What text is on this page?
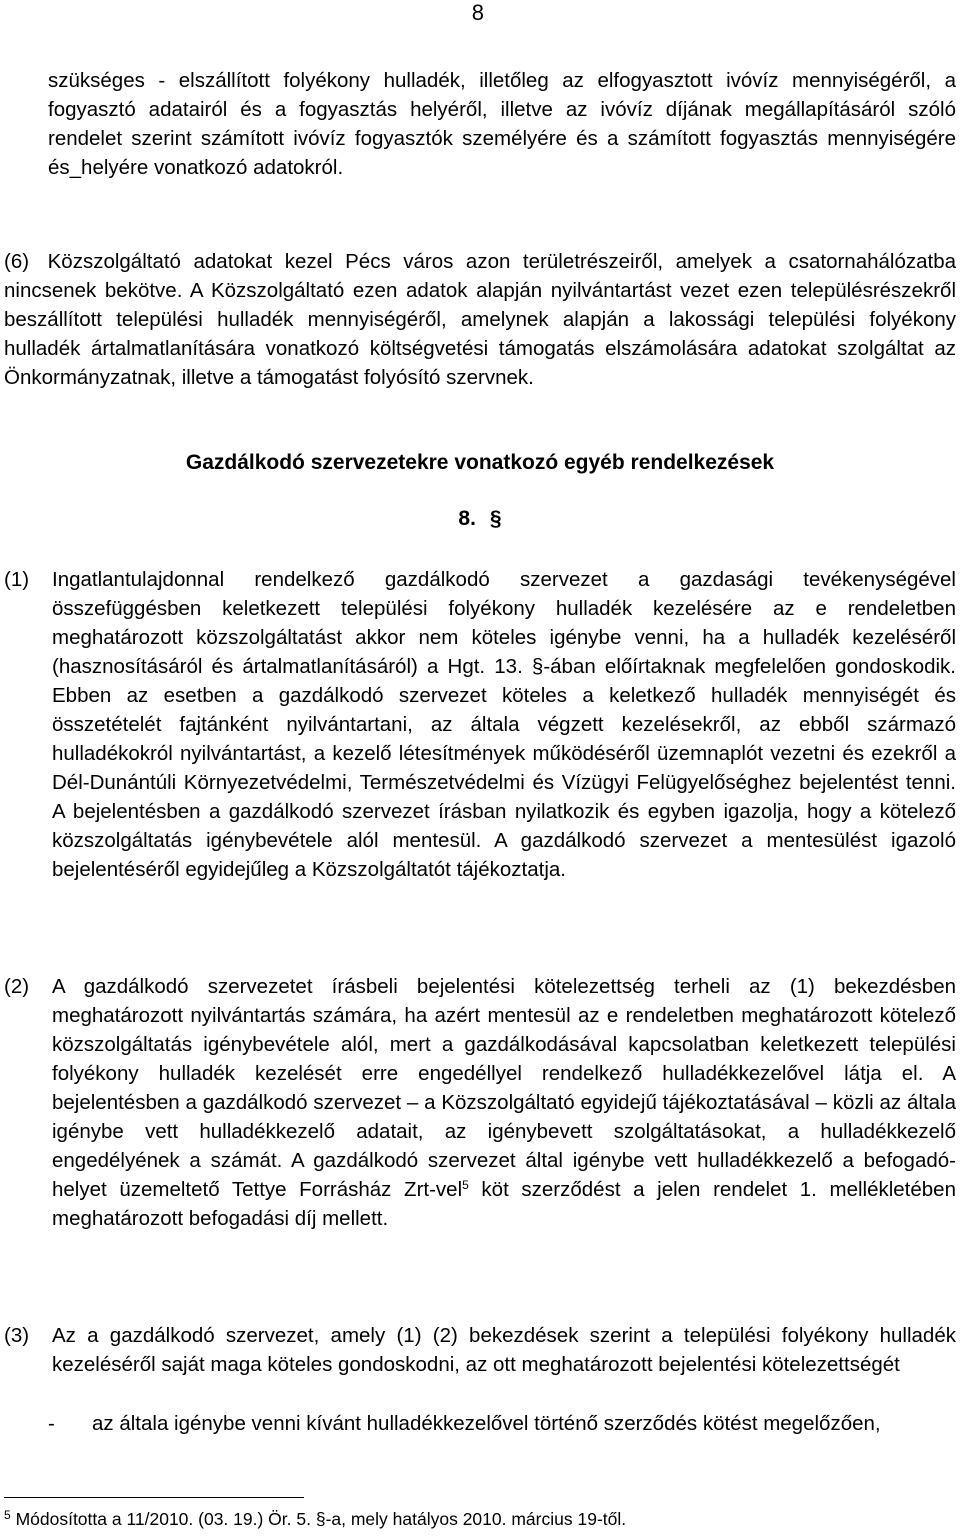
8
szükséges - elszállított folyékony hulladék, illetőleg az elfogyasztott ivóvíz mennyiségéről, a fogyasztó adatairól és a fogyasztás helyéről, illetve az ivóvíz díjának megállapításáról szóló rendelet szerint számított ivóvíz fogyasztók személyére és a számított fogyasztás mennyiségére és_helyére vonatkozó adatokról.
(6) Közszolgáltató adatokat kezel Pécs város azon területrészeiről, amelyek a csatornahálózatba nincsenek bekötve. A Közszolgáltató ezen adatok alapján nyilvántartást vezet ezen településrészekről beszállított települési hulladék mennyiségéről, amelynek alapján a lakossági települési folyékony hulladék ártalmatlanítására vonatkozó költségvetési támogatás elszámolására adatokat szolgáltat az Önkormányzatnak, illetve a támogatást folyósító szervnek.
Gazdálkodó szervezetekre vonatkozó egyéb rendelkezések
8. §
(1)	Ingatlantulajdonnal rendelkező gazdálkodó szervezet a gazdasági tevékenységével összefüggésben keletkezett települési folyékony hulladék kezelésére az e rendeletben meghatározott közszolgáltatást akkor nem köteles igénybe venni, ha a hulladék kezeléséről (hasznosításáról és ártalmatlanításáról) a Hgt. 13. §-ában előírtaknak megfelelően gondoskodik. Ebben az esetben a gazdálkodó szervezet köteles a keletkező hulladék mennyiségét és összetételét fajtánként nyilvántartani, az általa végzett kezelésekről, az ebből származó hulladékokról nyilvántartást, a kezelő létesítmények működéséről üzemnaplót vezetni és ezekről a Dél-Dunántúli Környezetvédelmi, Természetvédelmi és Vízügyi Felügyelőséghez bejelentést tenni. A bejelentésben a gazdálkodó szervezet írásban nyilatkozik és egyben igazolja, hogy a kötelező közszolgáltatás igénybevétele alól mentesül. A gazdálkodó szervezet a mentesülést igazoló bejelentéséről egyidejűleg a Közszolgáltatót tájékoztatja.
(2)	A gazdálkodó szervezetet írásbeli bejelentési kötelezettség terheli az (1) bekezdésben meghatározott nyilvántartás számára, ha azért mentesül az e rendeletben meghatározott kötelező közszolgáltatás igénybevétele alól, mert a gazdálkodásával kapcsolatban keletkezett települési folyékony hulladék kezelését erre engedéllyel rendelkező hulladékkezelővel látja el. A bejelentésben a gazdálkodó szervezet – a Közszolgáltató egyidejű tájékoztatásával – közli az általa igénybe vett hulladékkezelő adatait, az igénybevett szolgáltatásokat, a hulladékkezelő engedélyének a számát. A gazdálkodó szervezet által igénybe vett hulladékkezelő a befogadó-helyet üzemeltető Tettye Forrásház Zrt-vel$^5$ köt szerződést a jelen rendelet 1. mellékletében meghatározott befogadási díj mellett.
(3)	Az a gazdálkodó szervezet, amely (1) (2) bekezdések szerint a települési folyékony hulladék kezeléséről saját maga köteles gondoskodni, az ott meghatározott bejelentési kötelezettségét
- az általa igénybe venni kívánt hulladékkezelővel történő szerződés kötést megelőzően,
$^5$ Módosította a 11/2010. (03. 19.) Ör. 5. §-a, mely hatályos 2010. március 19-től.
